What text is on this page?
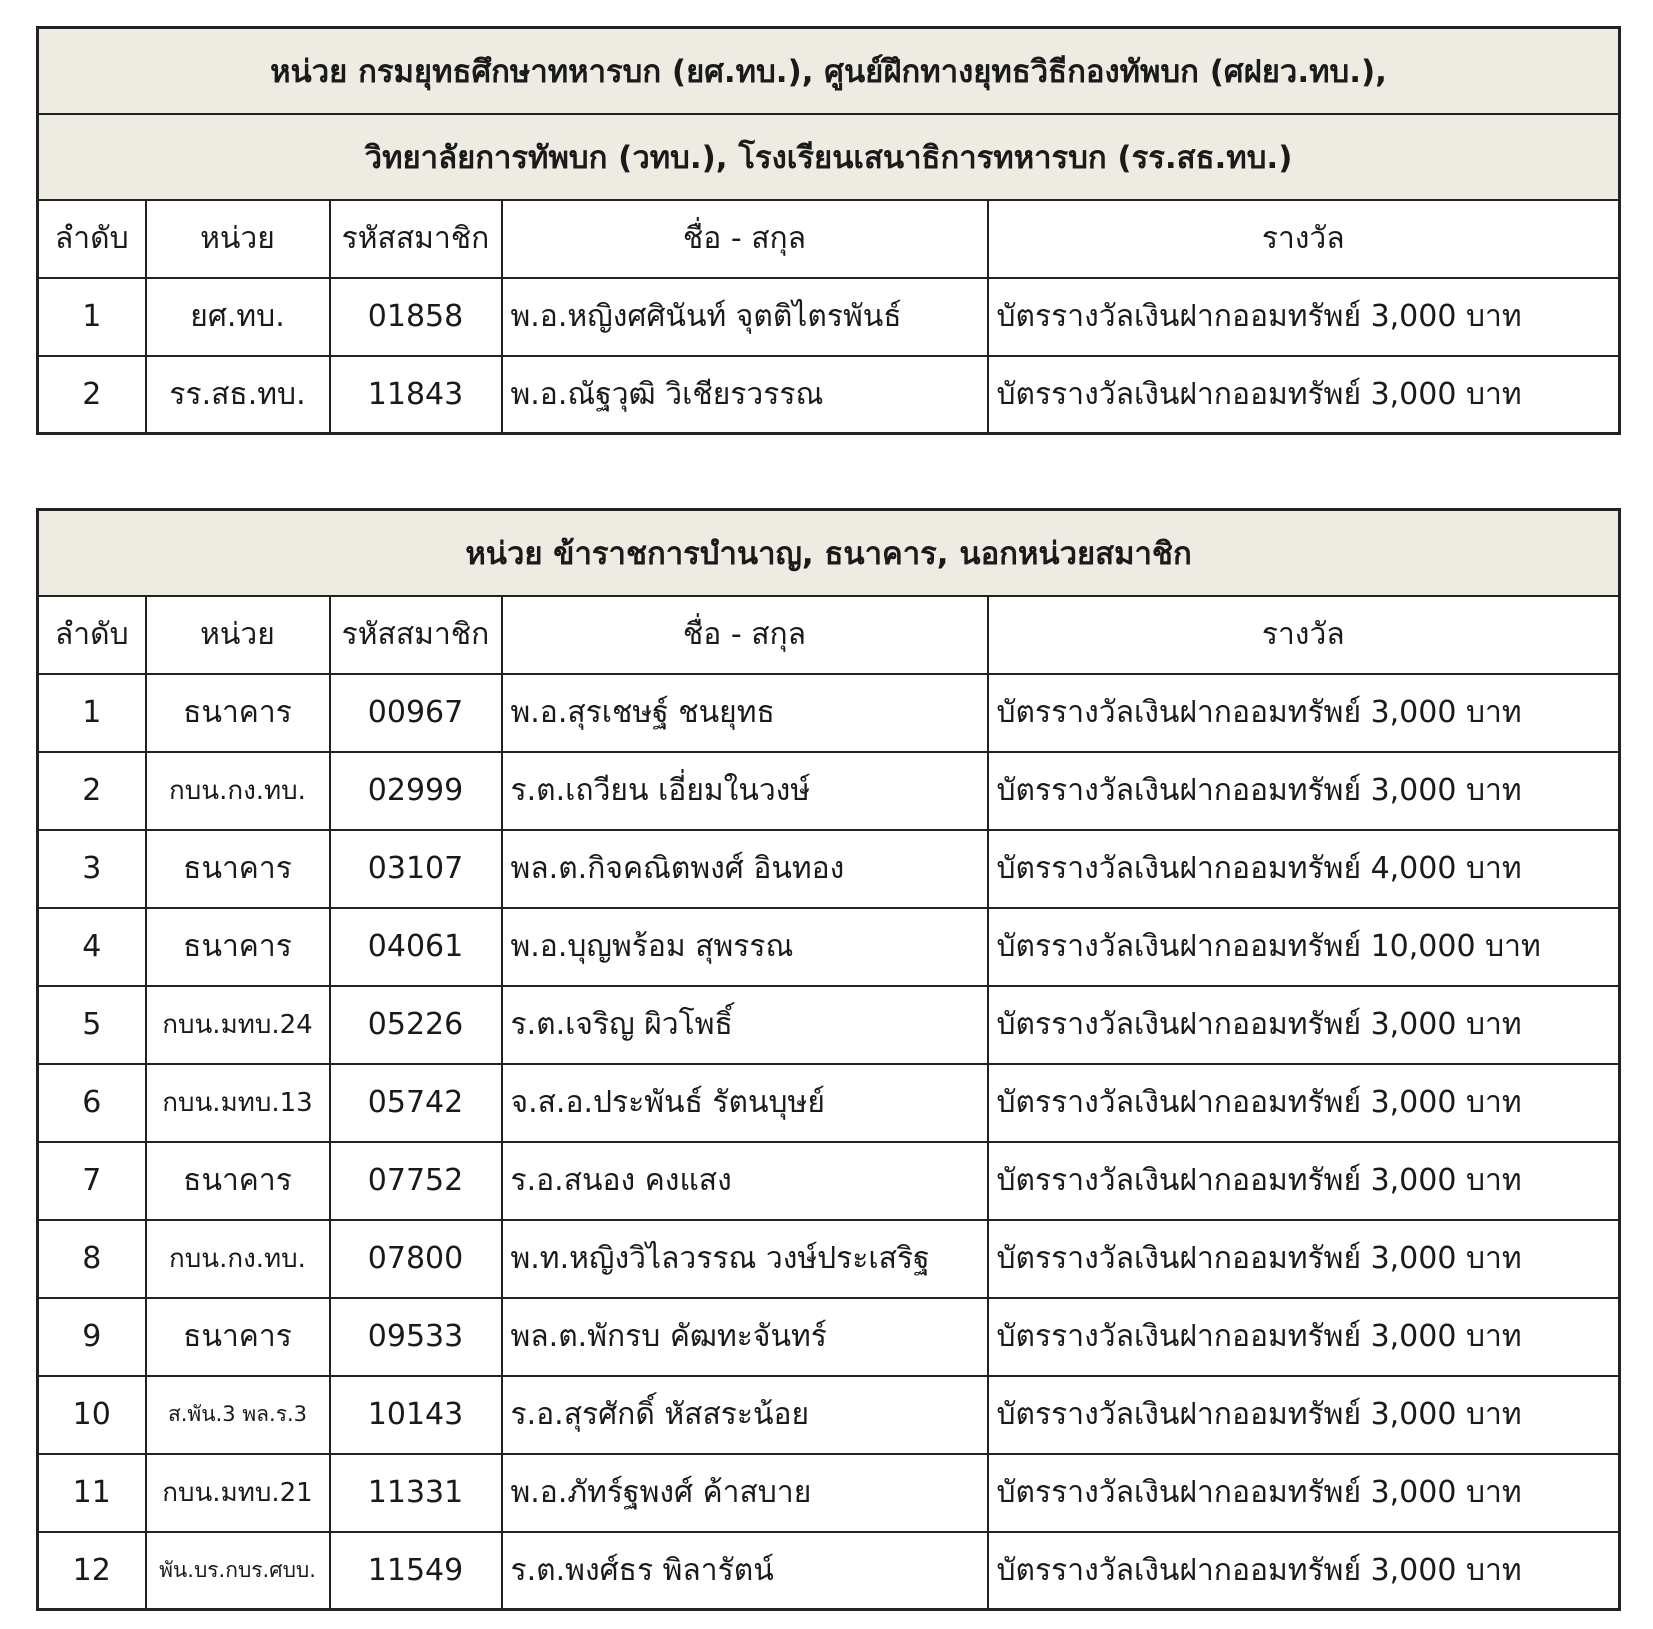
หน่วย กรมยุทธศึกษาทหารบก (ยศ.ทบ.), ศูนย์ฝึกทางยุทธวิธีกองทัพบก (ศฝยว.ทบ.),				
วิทยาลัยการทัพบก (วทบ.), โรงเรียนเสนาธิการทหารบก (รร.สธ.ทบ.)				
ลำดับ	หน่วย	รหัสสมาชิก	ชื่อ - สกุล	รางวัล
1	ยศ.ทบ.	01858	พ.อ.หญิงศศินันท์ จุตติไตรพันธ์	บัตรรางวัลเงินฝากออมทรัพย์ 3,000 บาท
2	รร.สธ.ทบ.	11843	พ.อ.ณัฐวุฒิ วิเชียรวรรณ	บัตรรางวัลเงินฝากออมทรัพย์ 3,000 บาท
หน่วย ข้าราชการบำนาญ, ธนาคาร, นอกหน่วยสมาชิก				
ลำดับ	หน่วย	รหัสสมาชิก	ชื่อ - สกุล	รางวัล
1	ธนาคาร	00967	พ.อ.สุรเชษฐ์ ชนยุทธ	บัตรรางวัลเงินฝากออมทรัพย์ 3,000 บาท
2	กบน.กง.ทบ.	02999	ร.ต.เถวียน เอี่ยมในวงษ์	บัตรรางวัลเงินฝากออมทรัพย์ 3,000 บาท
3	ธนาคาร	03107	พล.ต.กิจคณิตพงศ์ อินทอง	บัตรรางวัลเงินฝากออมทรัพย์ 4,000 บาท
4	ธนาคาร	04061	พ.อ.บุญพร้อม สุพรรณ	บัตรรางวัลเงินฝากออมทรัพย์ 10,000 บาท
5	กบน.มทบ.24	05226	ร.ต.เจริญ ผิวโพธิ์	บัตรรางวัลเงินฝากออมทรัพย์ 3,000 บาท
6	กบน.มทบ.13	05742	จ.ส.อ.ประพันธ์ รัตนบุษย์	บัตรรางวัลเงินฝากออมทรัพย์ 3,000 บาท
7	ธนาคาร	07752	ร.อ.สนอง คงแสง	บัตรรางวัลเงินฝากออมทรัพย์ 3,000 บาท
8	กบน.กง.ทบ.	07800	พ.ท.หญิงวิไลวรรณ วงษ์ประเสริฐ	บัตรรางวัลเงินฝากออมทรัพย์ 3,000 บาท
9	ธนาคาร	09533	พล.ต.พักรบ คัฒทะจันทร์	บัตรรางวัลเงินฝากออมทรัพย์ 3,000 บาท
10	ส.พัน.3 พล.ร.3	10143	ร.อ.สุรศักดิ์ หัสสระน้อย	บัตรรางวัลเงินฝากออมทรัพย์ 3,000 บาท
11	กบน.มทบ.21	11331	พ.อ.ภัทร์ฐพงศ์ ค้าสบาย	บัตรรางวัลเงินฝากออมทรัพย์ 3,000 บาท
12	พัน.บร.กบร.ศบบ.	11549	ร.ต.พงศ์ธร พิลารัตน์	บัตรรางวัลเงินฝากออมทรัพย์ 3,000 บาท
